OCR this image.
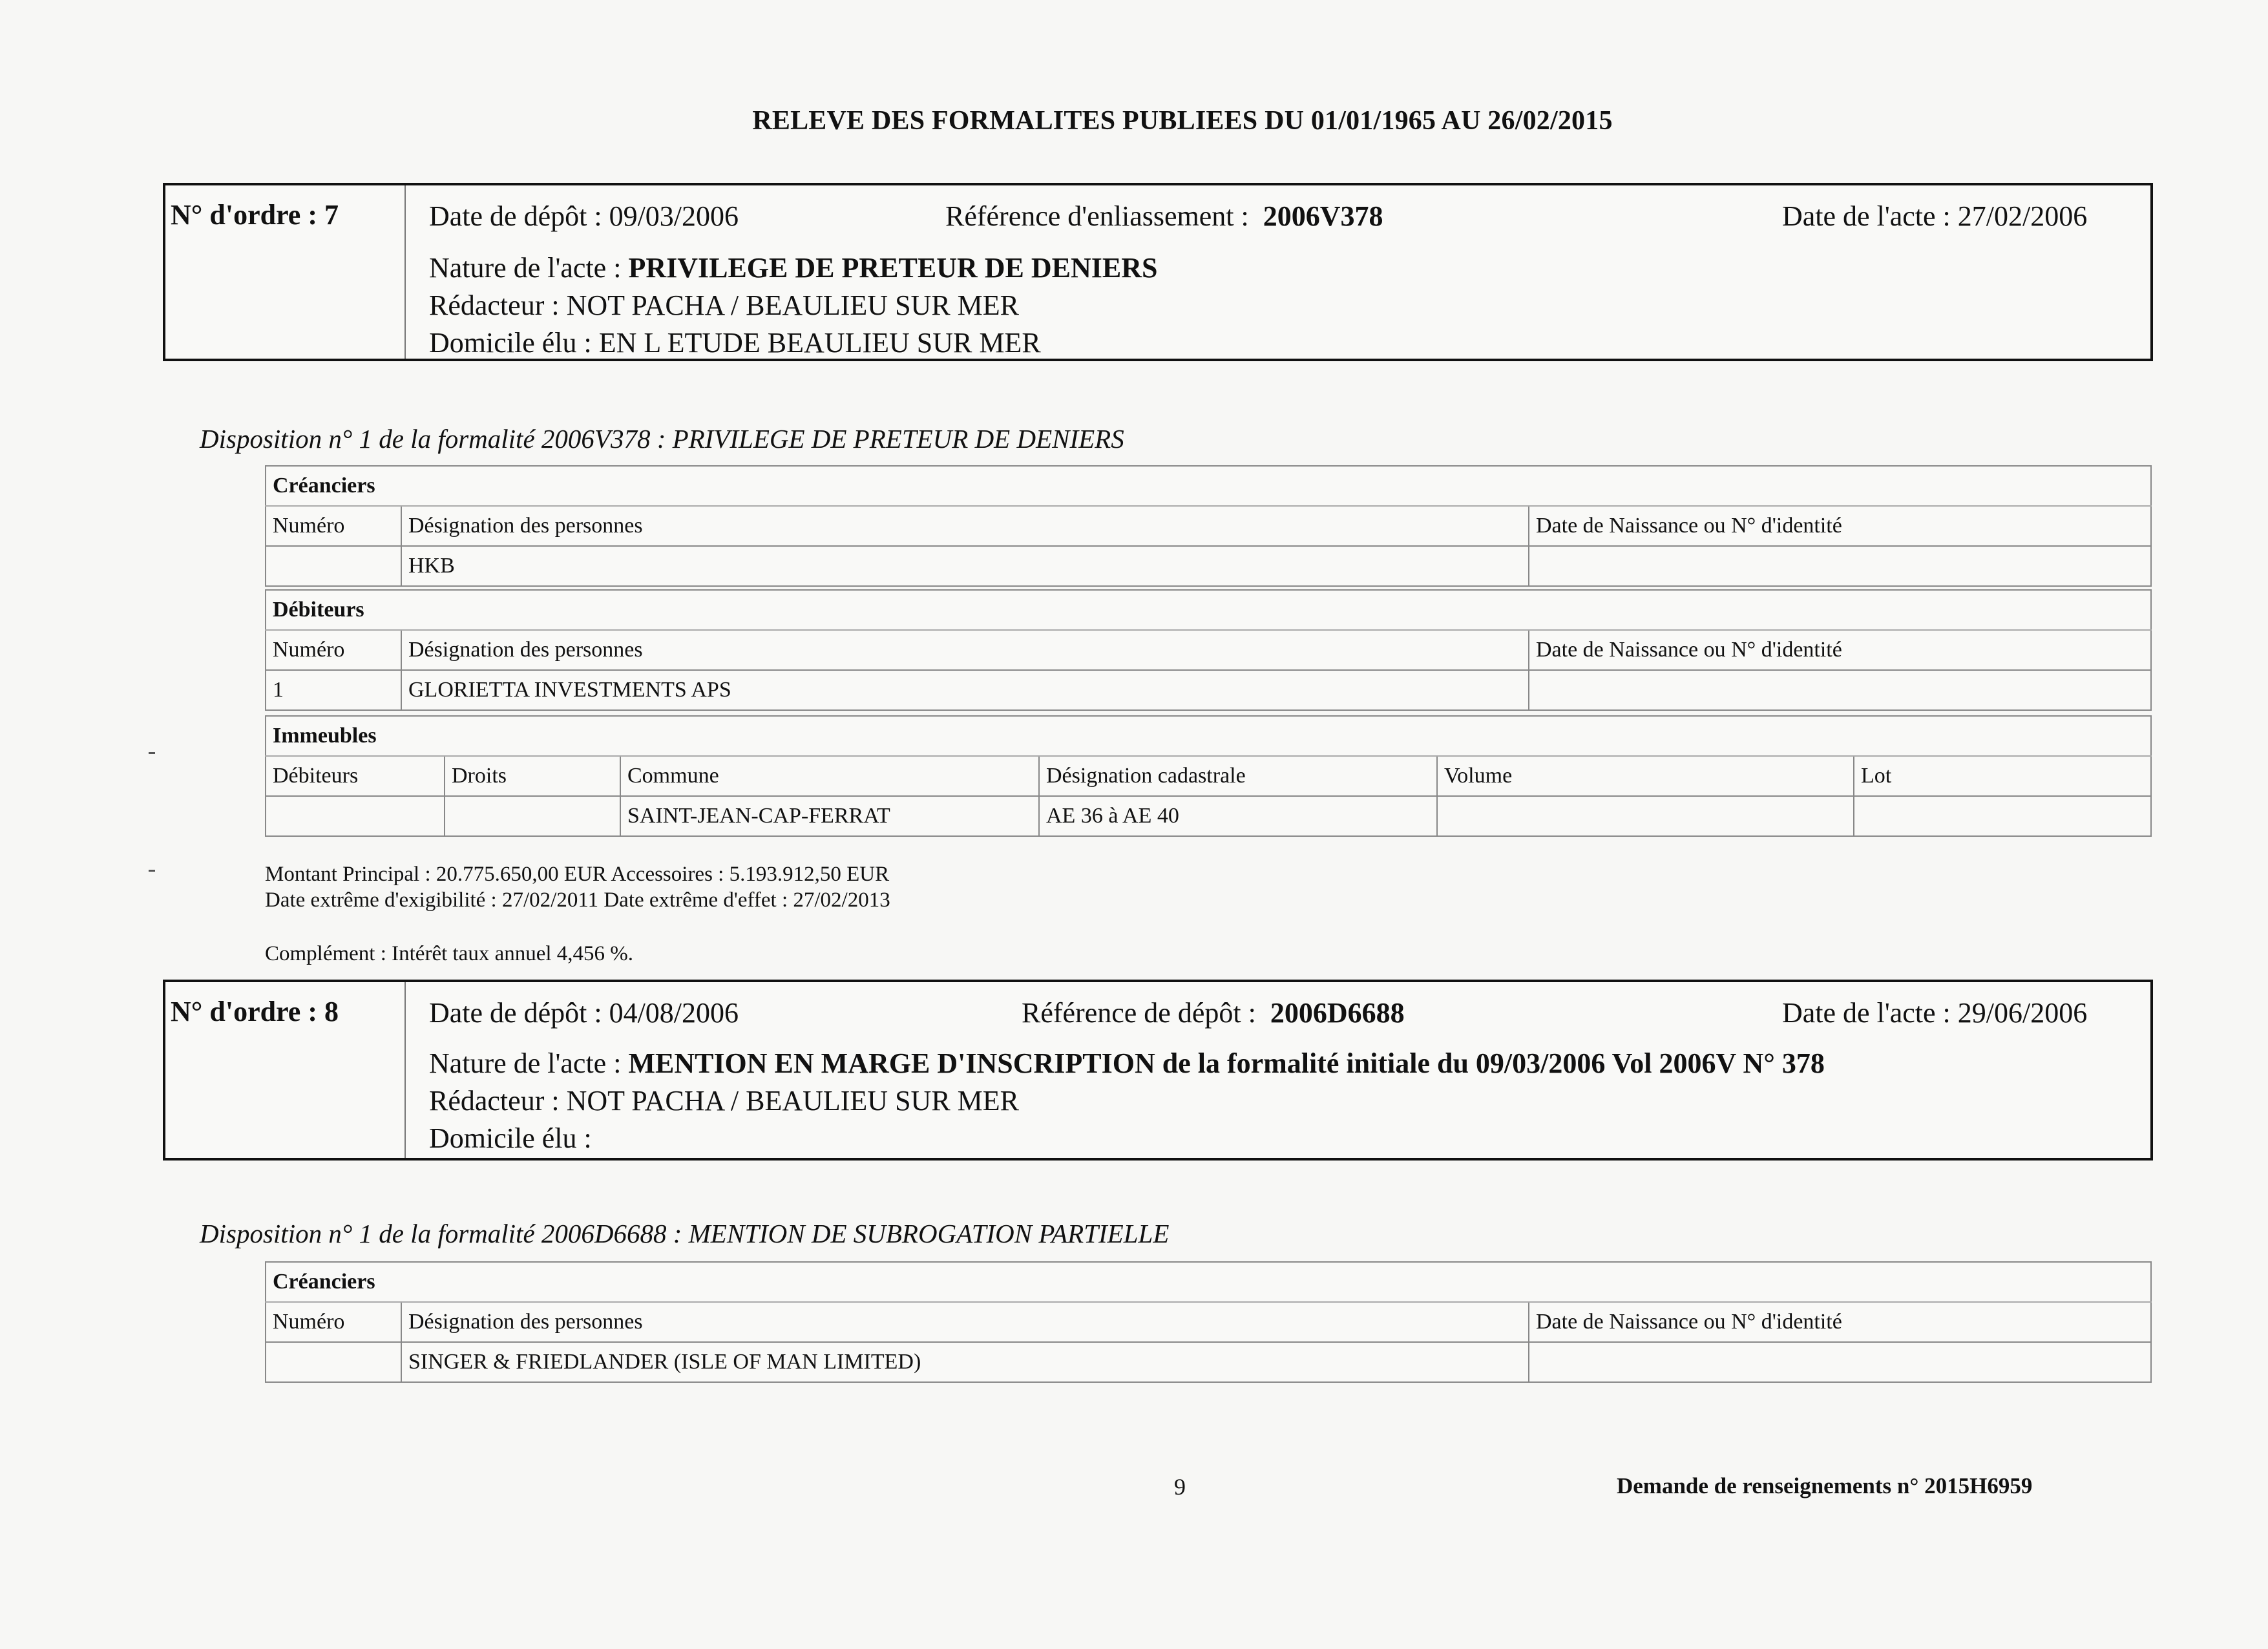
RELEVE DES FORMALITES PUBLIEES DU 01/01/1965 AU 26/02/2015
N° d'ordre : 7	Date de dépôt : 09/03/2006	Référence d'enliassement : 2006V378	Date de l'acte : 27/02/2006
Nature de l'acte : PRIVILEGE DE PRETEUR DE DENIERS
Rédacteur : NOT PACHA / BEAULIEU SUR MER
Domicile élu : EN L ETUDE BEAULIEU SUR MER
Disposition n° 1 de la formalité 2006V378 : PRIVILEGE DE PRETEUR DE DENIERS
Créanciers		
Numéro	Désignation des personnes	Date de Naissance ou N° d'identité
	HKB	
Débiteurs		
Numéro	Désignation des personnes	Date de Naissance ou N° d'identité
1	GLORIETTA INVESTMENTS APS	
Immeubles					
Débiteurs	Droits	Commune	Désignation cadastrale	Volume	Lot
		SAINT-JEAN-CAP-FERRAT	AE 36 à AE 40		
Montant Principal : 20.775.650,00 EUR Accessoires : 5.193.912,50 EUR
Date extrême d'exigibilité : 27/02/2011 Date extrême d'effet : 27/02/2013
Complément : Intérêt taux annuel 4,456 %.
N° d'ordre : 8	Date de dépôt : 04/08/2006	Référence de dépôt : 2006D6688	Date de l'acte : 29/06/2006
Nature de l'acte : MENTION EN MARGE D'INSCRIPTION de la formalité initiale du 09/03/2006 Vol 2006V N° 378
Rédacteur : NOT PACHA / BEAULIEU SUR MER
Domicile élu :
Disposition n° 1 de la formalité 2006D6688 : MENTION DE SUBROGATION PARTIELLE
Créanciers		
Numéro	Désignation des personnes	Date de Naissance ou N° d'identité
	SINGER & FRIEDLANDER (ISLE OF MAN LIMITED)	
9	Demande de renseignements n° 2015H6959
